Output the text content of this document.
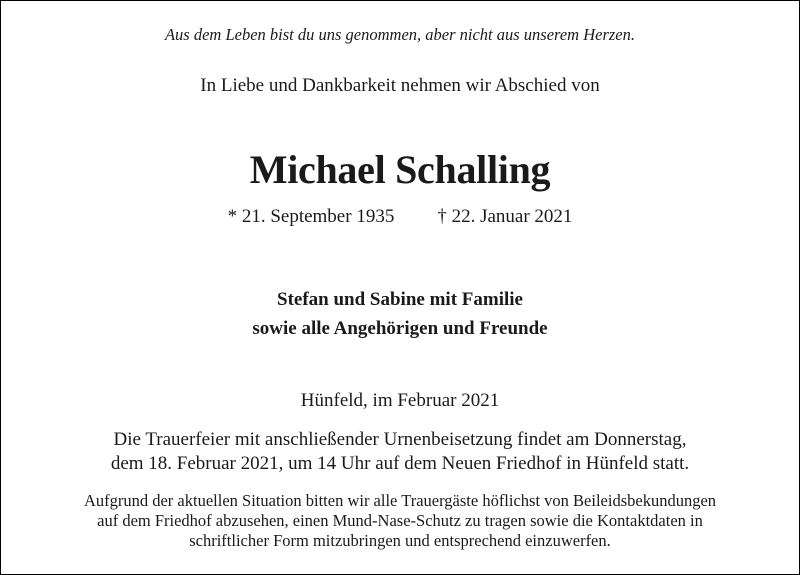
Aus dem Leben bist du uns genommen, aber nicht aus unserem Herzen.
In Liebe und Dankbarkeit nehmen wir Abschied von
Michael Schalling
* 21. September 1935 † 22. Januar 2021
Stefan und Sabine mit Familie
sowie alle Angehörigen und Freunde
Hünfeld, im Februar 2021
Die Trauerfeier mit anschließender Urnenbeisetzung findet am Donnerstag,
dem 18. Februar 2021, um 14 Uhr auf dem Neuen Friedhof in Hünfeld statt.
Aufgrund der aktuellen Situation bitten wir alle Trauergäste höflichst von Beileidsbekundungen
auf dem Friedhof abzusehen, einen Mund-Nase-Schutz zu tragen sowie die Kontaktdaten in
schriftlicher Form mitzubringen und entsprechend einzuwerfen.
